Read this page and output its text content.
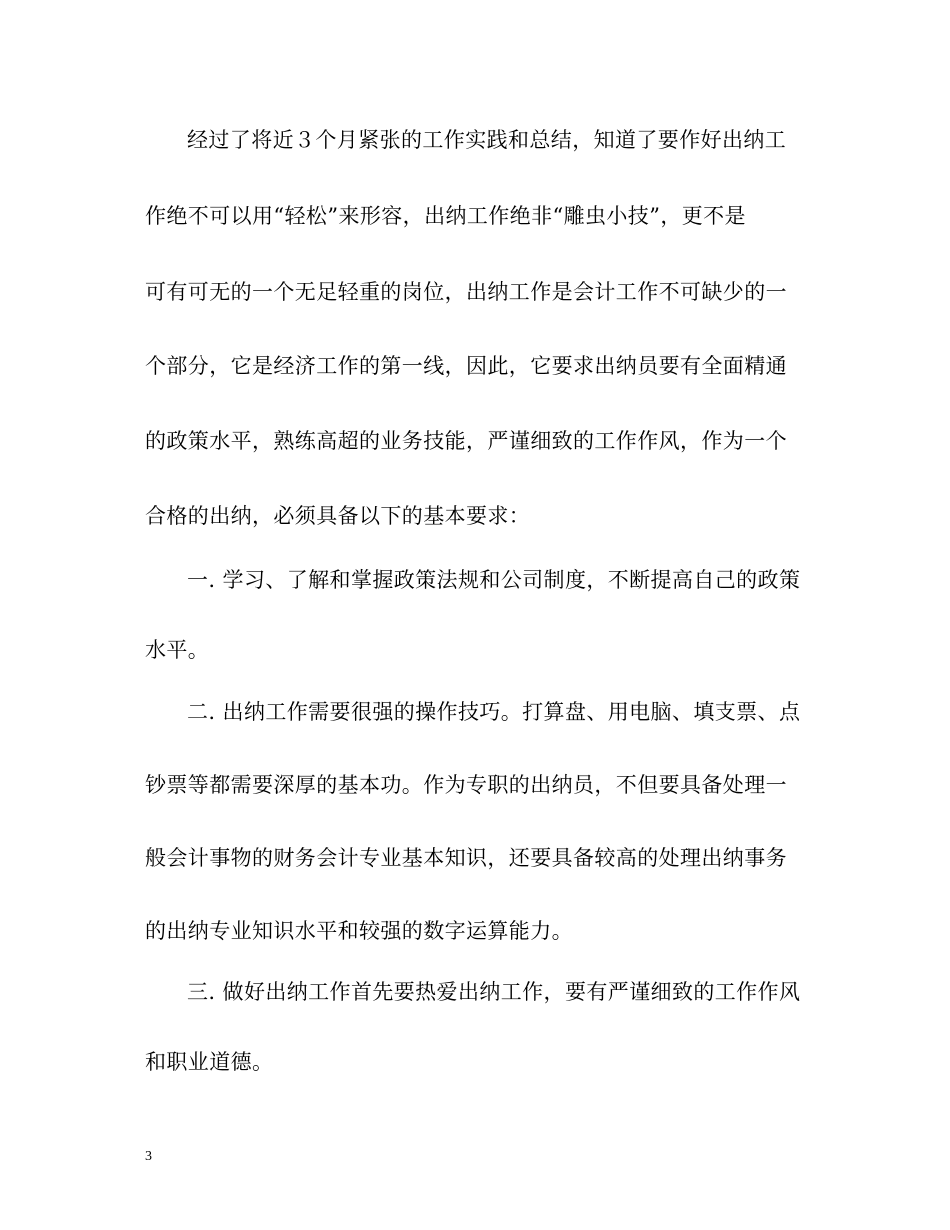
经过了将近３个月紧张的工作实践和总结，知道了要作好出纳工
作绝不可以用“轻松”来形容，出纳工作绝非“雕虫小技”，更不是
可有可无的一个无足轻重的岗位，出纳工作是会计工作不可缺少的一
个部分，它是经济工作的第一线，因此，它要求出纳员要有全面精通
的政策水平，熟练高超的业务技能，严谨细致的工作作风，作为一个
合格的出纳，必须具备以下的基本要求：
一. 学习、了解和掌握政策法规和公司制度，不断提高自己的政策
水平。
二. 出纳工作需要很强的操作技巧。打算盘、用电脑、填支票、点
钞票等都需要深厚的基本功。作为专职的出纳员，不但要具备处理一
般会计事物的财务会计专业基本知识，还要具备较高的处理出纳事务
的出纳专业知识水平和较强的数字运算能力。
三. 做好出纳工作首先要热爱出纳工作，要有严谨细致的工作作风
和职业道德。
3
